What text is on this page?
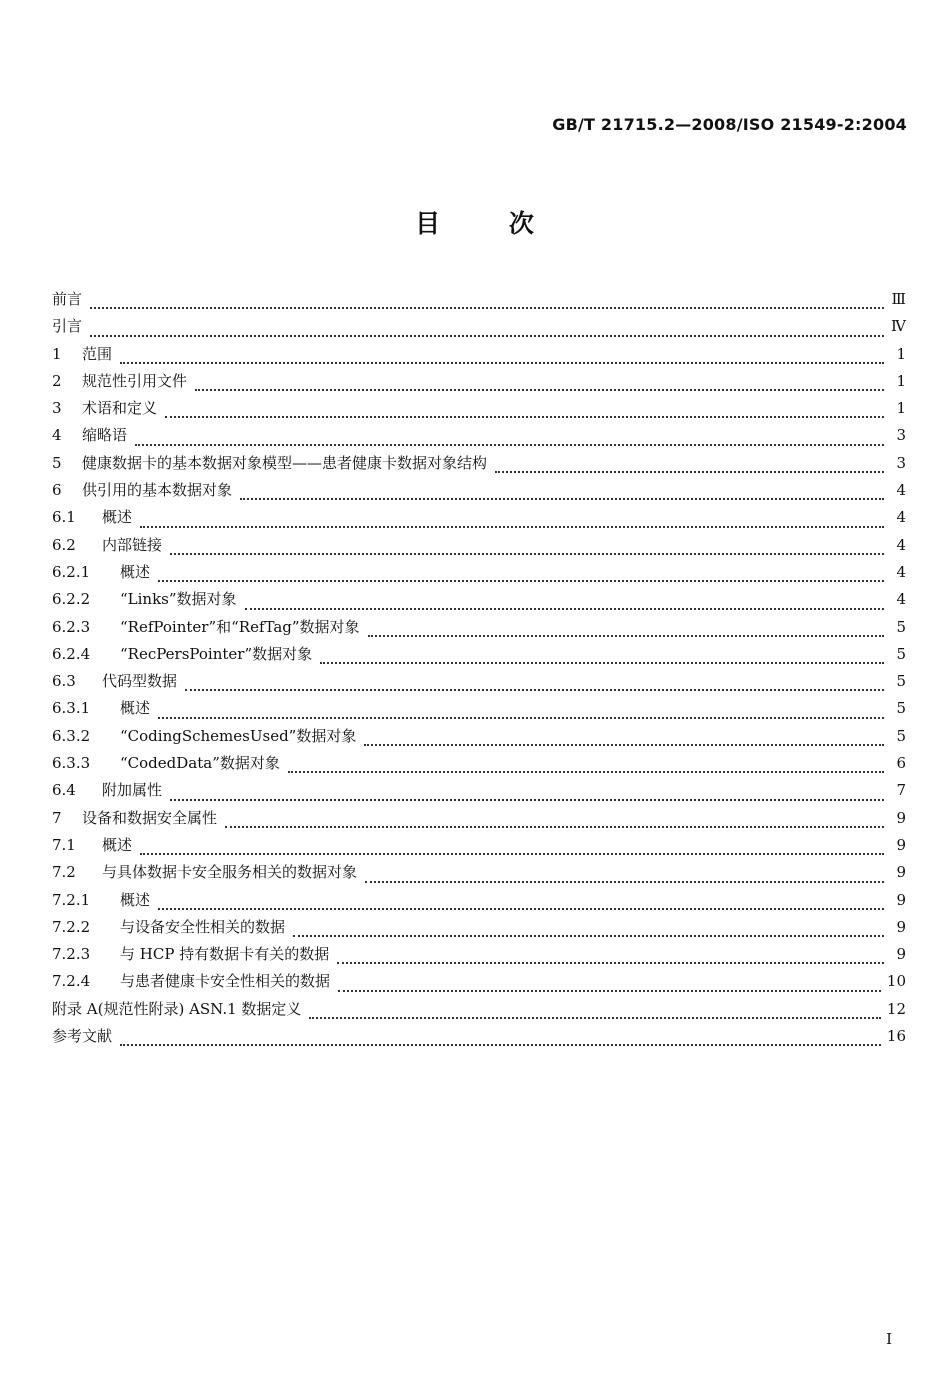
GB/T 21715.2—2008/ISO 21549-2:2004
目 次
前言	Ⅲ
引言	Ⅳ
1	范围	1
2	规范性引用文件	1
3	术语和定义	1
4	缩略语	3
5	健康数据卡的基本数据对象模型——患者健康卡数据对象结构	3
6	供引用的基本数据对象	4
6.1	概述	4
6.2	内部链接	4
6.2.1	概述	4
6.2.2	“Links”数据对象	4
6.2.3	“RefPointer”和“RefTag”数据对象	5
6.2.4	“RecPersPointer”数据对象	5
6.3	代码型数据	5
6.3.1	概述	5
6.3.2	“CodingSchemesUsed”数据对象	5
6.3.3	“CodedData”数据对象	6
6.4	附加属性	7
7	设备和数据安全属性	9
7.1	概述	9
7.2	与具体数据卡安全服务相关的数据对象	9
7.2.1	概述	9
7.2.2	与设备安全性相关的数据	9
7.2.3	与 HCP 持有数据卡有关的数据	9
7.2.4	与患者健康卡安全性相关的数据	10
附录 A(规范性附录) ASN.1 数据定义	12
参考文献	16
I
